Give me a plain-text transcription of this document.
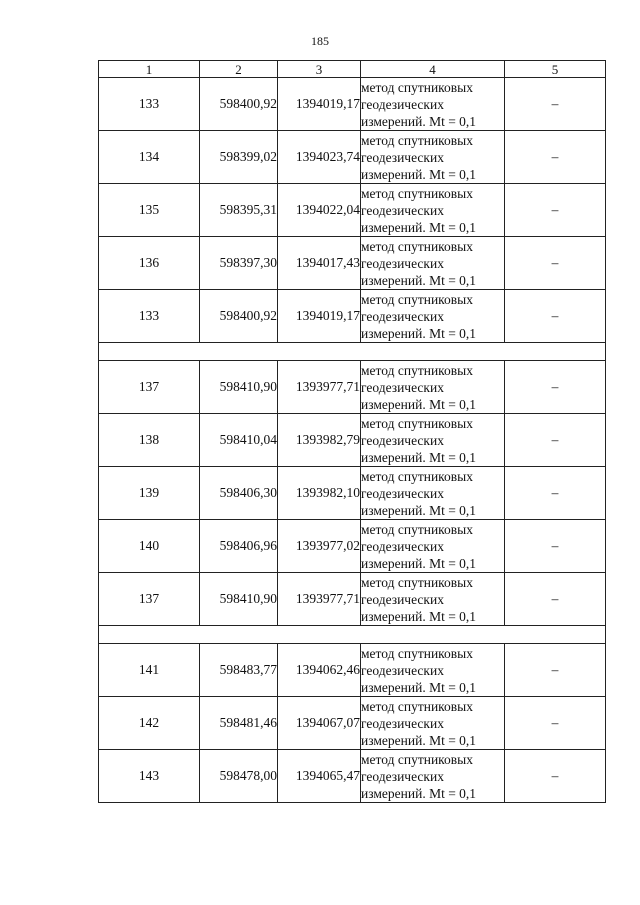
185
1	2	3	4	5
133	598400,92	1394019,17	метод спутниковых
геодезических
измерений. Mt = 0,1	–
134	598399,02	1394023,74	метод спутниковых
геодезических
измерений. Mt = 0,1	–
135	598395,31	1394022,04	метод спутниковых
геодезических
измерений. Mt = 0,1	–
136	598397,30	1394017,43	метод спутниковых
геодезических
измерений. Mt = 0,1	–
133	598400,92	1394019,17	метод спутниковых
геодезических
измерений. Mt = 0,1	–

137	598410,90	1393977,71	метод спутниковых
геодезических
измерений. Mt = 0,1	–
138	598410,04	1393982,79	метод спутниковых
геодезических
измерений. Mt = 0,1	–
139	598406,30	1393982,10	метод спутниковых
геодезических
измерений. Mt = 0,1	–
140	598406,96	1393977,02	метод спутниковых
геодезических
измерений. Mt = 0,1	–
137	598410,90	1393977,71	метод спутниковых
геодезических
измерений. Mt = 0,1	–

141	598483,77	1394062,46	метод спутниковых
геодезических
измерений. Mt = 0,1	–
142	598481,46	1394067,07	метод спутниковых
геодезических
измерений. Mt = 0,1	–
143	598478,00	1394065,47	метод спутниковых
геодезических
измерений. Mt = 0,1	–
